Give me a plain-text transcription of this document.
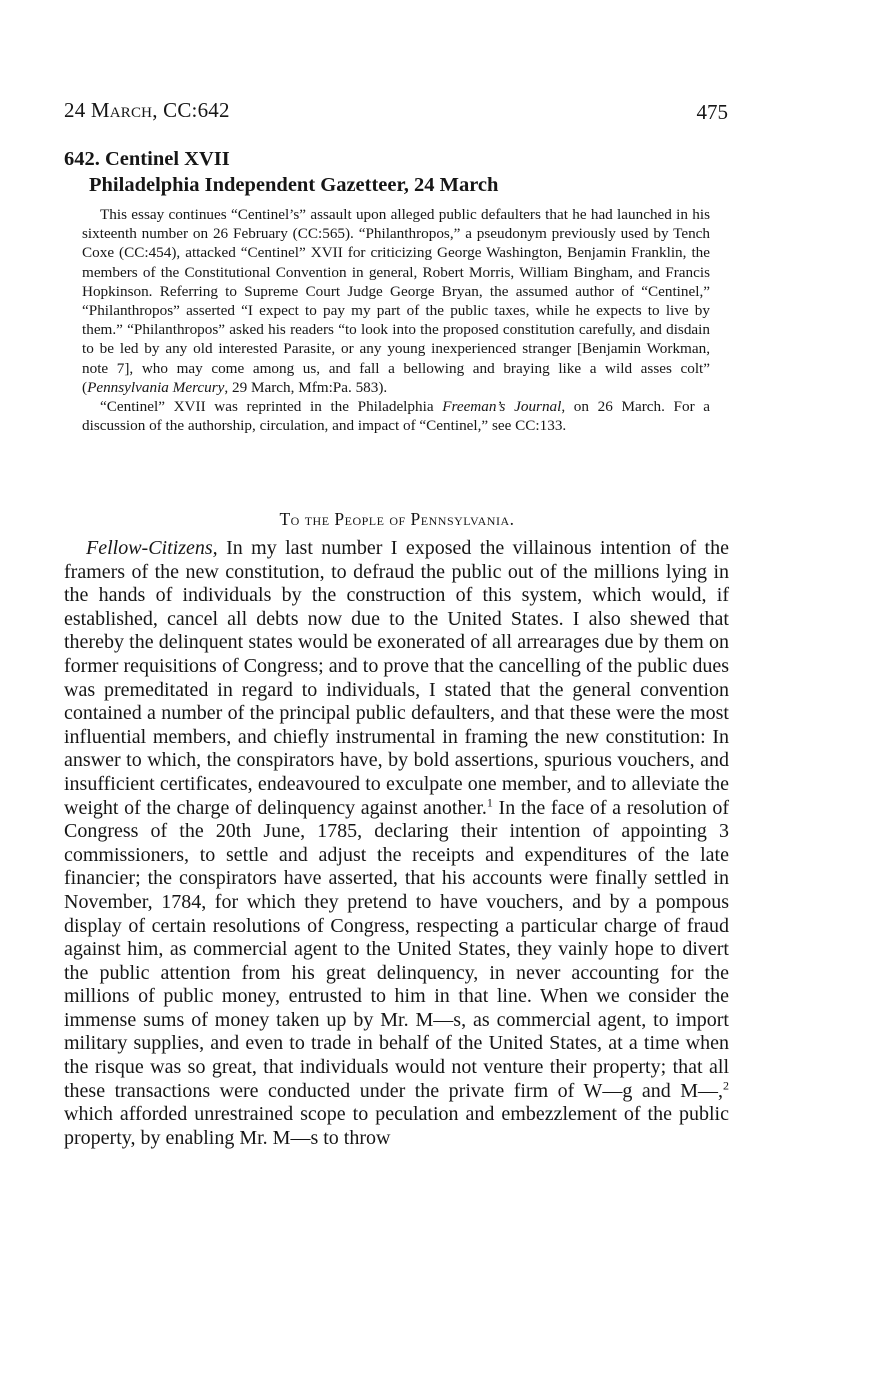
24 March, CC:642	475
642. Centinel XVII
Philadelphia Independent Gazetteer, 24 March

This essay continues “Centinel’s” assault upon alleged public defaulters that he had launched in his sixteenth number on 26 February (CC:565). “Philanthropos,” a pseudonym previously used by Tench Coxe (CC:454), attacked “Centinel” XVII for criticizing George Washington, Benjamin Franklin, the members of the Constitutional Convention in general, Robert Morris, William Bingham, and Francis Hopkinson. Referring to Supreme Court Judge George Bryan, the assumed author of “Centinel,” “Philanthropos” asserted “I expect to pay my part of the public taxes, while he expects to live by them.” “Philanthropos” asked his readers “to look into the proposed constitution carefully, and disdain to be led by any old interested Parasite, or any young inexperienced stranger [Benjamin Workman, note 7], who may come among us, and fall a bellowing and braying like a wild asses colt” (Pennsylvania Mercury, 29 March, Mfm:Pa. 583).

“Centinel” XVII was reprinted in the Philadelphia Freeman’s Journal, on 26 March. For a discussion of the authorship, circulation, and impact of “Centinel,” see CC:133.

To the People of Pennsylvania.

Fellow-Citizens, In my last number I exposed the villainous intention of the framers of the new constitution, to defraud the public out of the millions lying in the hands of individuals by the construction of this system, which would, if established, cancel all debts now due to the United States. I also shewed that thereby the delinquent states would be exonerated of all arrearages due by them on former requisitions of Congress; and to prove that the cancelling of the public dues was premeditated in regard to individuals, I stated that the general convention contained a number of the principal public defaulters, and that these were the most influential members, and chiefly instrumental in framing the new constitution: In answer to which, the conspirators have, by bold assertions, spurious vouchers, and insufficient certificates, endeavoured to exculpate one member, and to alleviate the weight of the charge of delinquency against another.$^1$ In the face of a resolution of Congress of the 20th June, 1785, declaring their intention of appointing 3 commissioners, to settle and adjust the receipts and expenditures of the late financier; the conspirators have asserted, that his accounts were finally settled in November, 1784, for which they pretend to have vouchers, and by a pompous display of certain resolutions of Congress, respecting a particular charge of fraud against him, as commercial agent to the United States, they vainly hope to divert the public attention from his great delinquency, in never accounting for the millions of public money, entrusted to him in that line. When we consider the immense sums of money taken up by Mr. M—s, as commercial agent, to import military supplies, and even to trade in behalf of the United States, at a time when the risque was so great, that individuals would not venture their property; that all these transactions were conducted under the private firm of W—g and M—,$^2$ which afforded unrestrained scope to peculation and embezzlement of the public property, by enabling Mr. M—s to throw
